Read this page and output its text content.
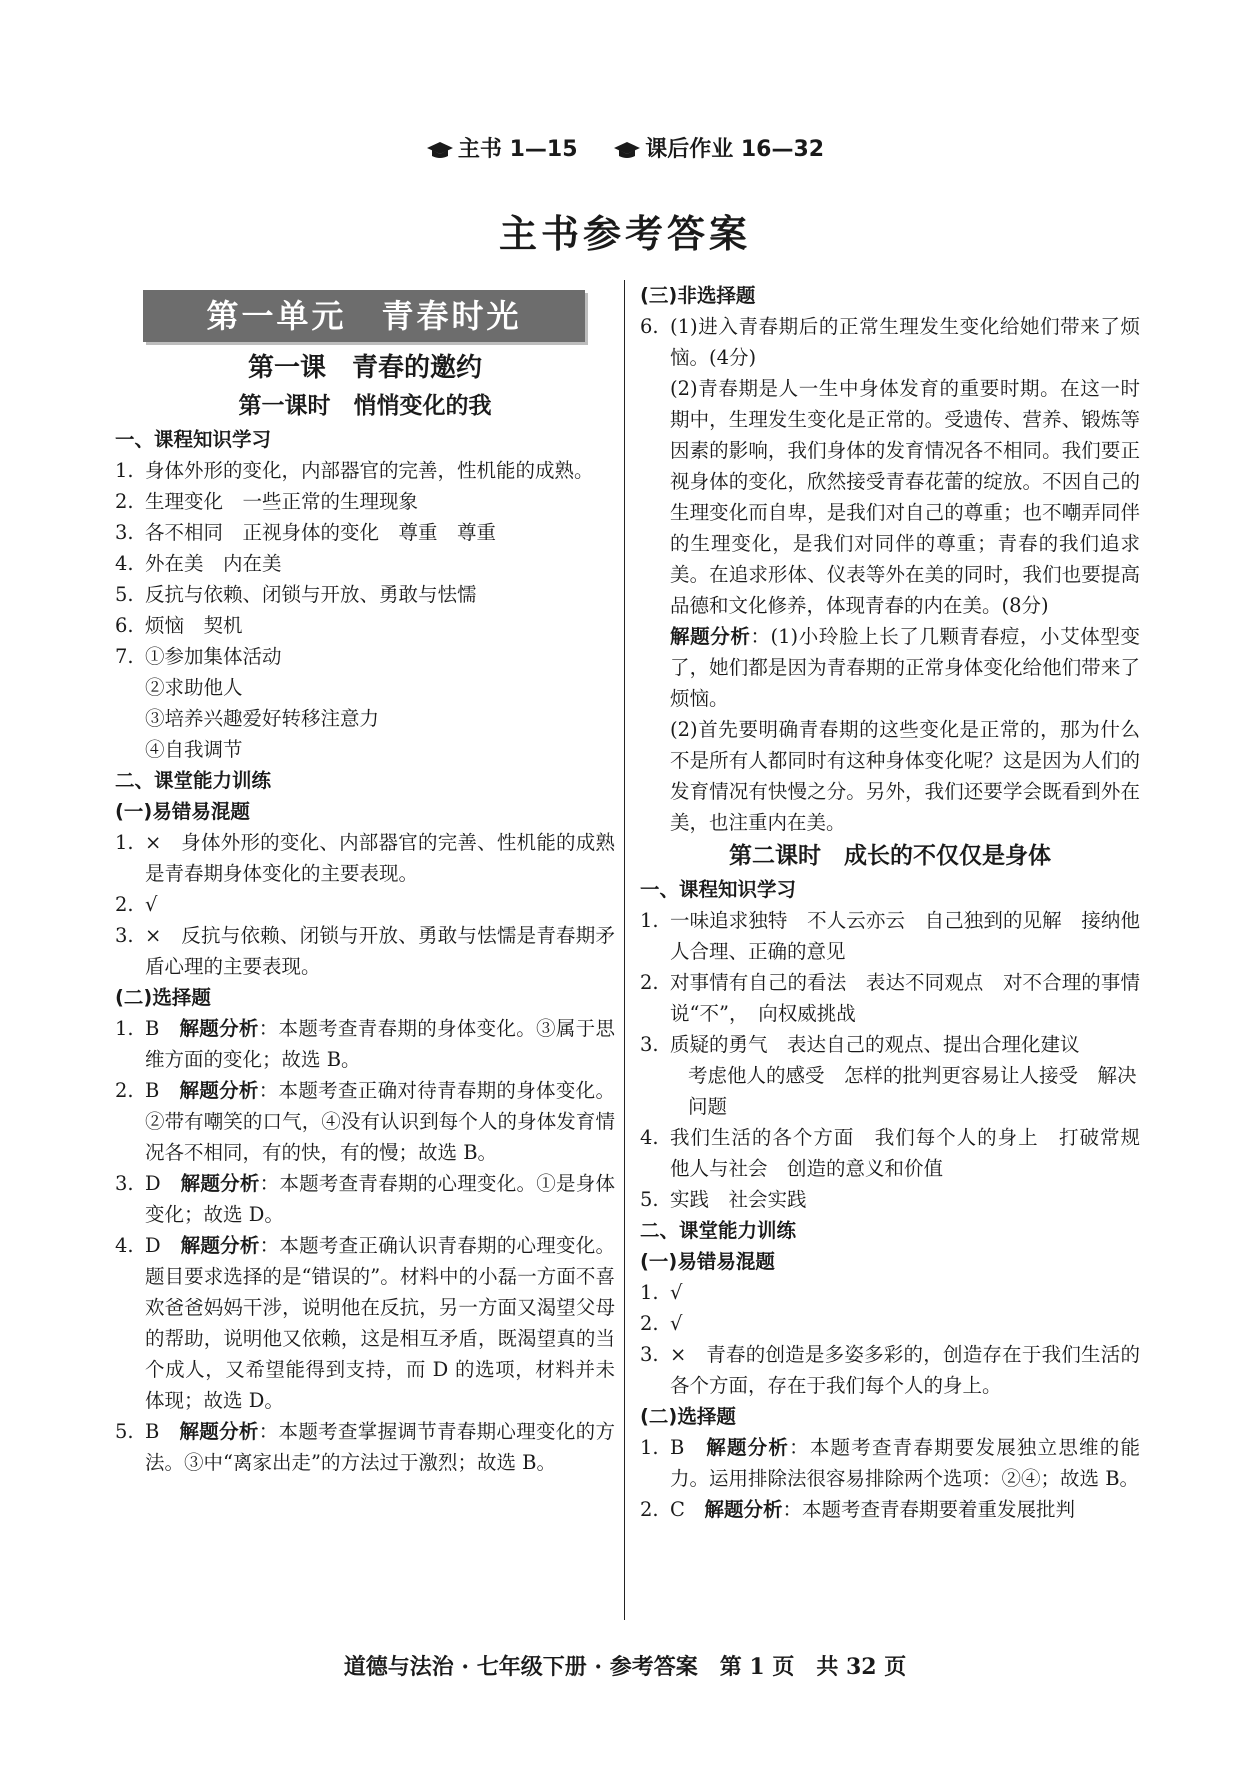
主书 1—15	课后作业 16—32
主书参考答案
第一单元　青春时光
第一课　青春的邀约
第一课时　悄悄变化的我
一、课程知识学习
1. 身体外形的变化，内部器官的完善，性机能的成熟。
2. 生理变化　一些正常的生理现象
3. 各不相同　正视身体的变化　尊重　尊重
4. 外在美　内在美
5. 反抗与依赖、闭锁与开放、勇敢与怯懦
6. 烦恼　契机
7. ①参加集体活动
②求助他人
③培养兴趣爱好转移注意力
④自我调节
二、课堂能力训练
(一)易错易混题
1. ×　身体外形的变化、内部器官的完善、性机能的成熟是青春期身体变化的主要表现。
2. √
3. ×　反抗与依赖、闭锁与开放、勇敢与怯懦是青春期矛盾心理的主要表现。
(二)选择题
1. B　 解题分析：本题考查青春期的身体变化。③属于思维方面的变化；故选 B。
2. B　 解题分析：本题考查正确对待青春期的身体变化。②带有嘲笑的口气，④没有认识到每个人的身体发育情况各不相同，有的快，有的慢；故选 B。
3. D　 解题分析：本题考查青春期的心理变化。①是身体变化；故选 D。
4. D　 解题分析：本题考查正确认识青春期的心理变化。题目要求选择的是“错误的”。材料中的小磊一方面不喜欢爸爸妈妈干涉，说明他在反抗，另一方面又渴望父母的帮助，说明他又依赖，这是相互矛盾，既渴望真的当个成人，又希望能得到支持，而 D 的选项，材料并未体现；故选 D。
5. B　 解题分析：本题考查掌握调节青春期心理变化的方法。③中“离家出走”的方法过于激烈；故选 B。
(三)非选择题
6. (1)进入青春期后的正常生理发生变化给她们带来了烦恼。(4分)
(2)青春期是人一生中身体发育的重要时期。在这一时期中，生理发生变化是正常的。受遗传、营养、锻炼等因素的影响，我们身体的发育情况各不相同。我们要正视身体的变化，欣然接受青春花蕾的绽放。不因自己的生理变化而自卑，是我们对自己的尊重；也不嘲弄同伴的生理变化，是我们对同伴的尊重；青春的我们追求美。在追求形体、仪表等外在美的同时，我们也要提高品德和文化修养，体现青春的内在美。(8分)
解题分析：(1)小玲脸上长了几颗青春痘，小艾体型变了，她们都是因为青春期的正常身体变化给他们带来了烦恼。
(2)首先要明确青春期的这些变化是正常的，那为什么不是所有人都同时有这种身体变化呢？这是因为人们的发育情况有快慢之分。另外，我们还要学会既看到外在美，也注重内在美。
第二课时　成长的不仅仅是身体
一、课程知识学习
1. 一味追求独特　不人云亦云　自己独到的见解　接纳他人合理、正确的意见
2. 对事情有自己的看法　表达不同观点　对不合理的事情说“不”，　向权威挑战
3. 质疑的勇气　表达自己的观点、提出合理化建议
考虑他人的感受　怎样的批判更容易让人接受　解决问题
4. 我们生活的各个方面　我们每个人的身上　打破常规　他人与社会　创造的意义和价值
5. 实践　社会实践
二、课堂能力训练
(一)易错易混题
1. √
2. √
3. ×　青春的创造是多姿多彩的，创造存在于我们生活的各个方面，存在于我们每个人的身上。
(二)选择题
1. B　 解题分析：本题考查青春期要发展独立思维的能力。运用排除法很容易排除两个选项：②④；故选 B。
2. C　 解题分析：本题考查青春期要着重发展批判
道德与法治 · 七年级下册 · 参考答案　第 1 页　共 32 页
